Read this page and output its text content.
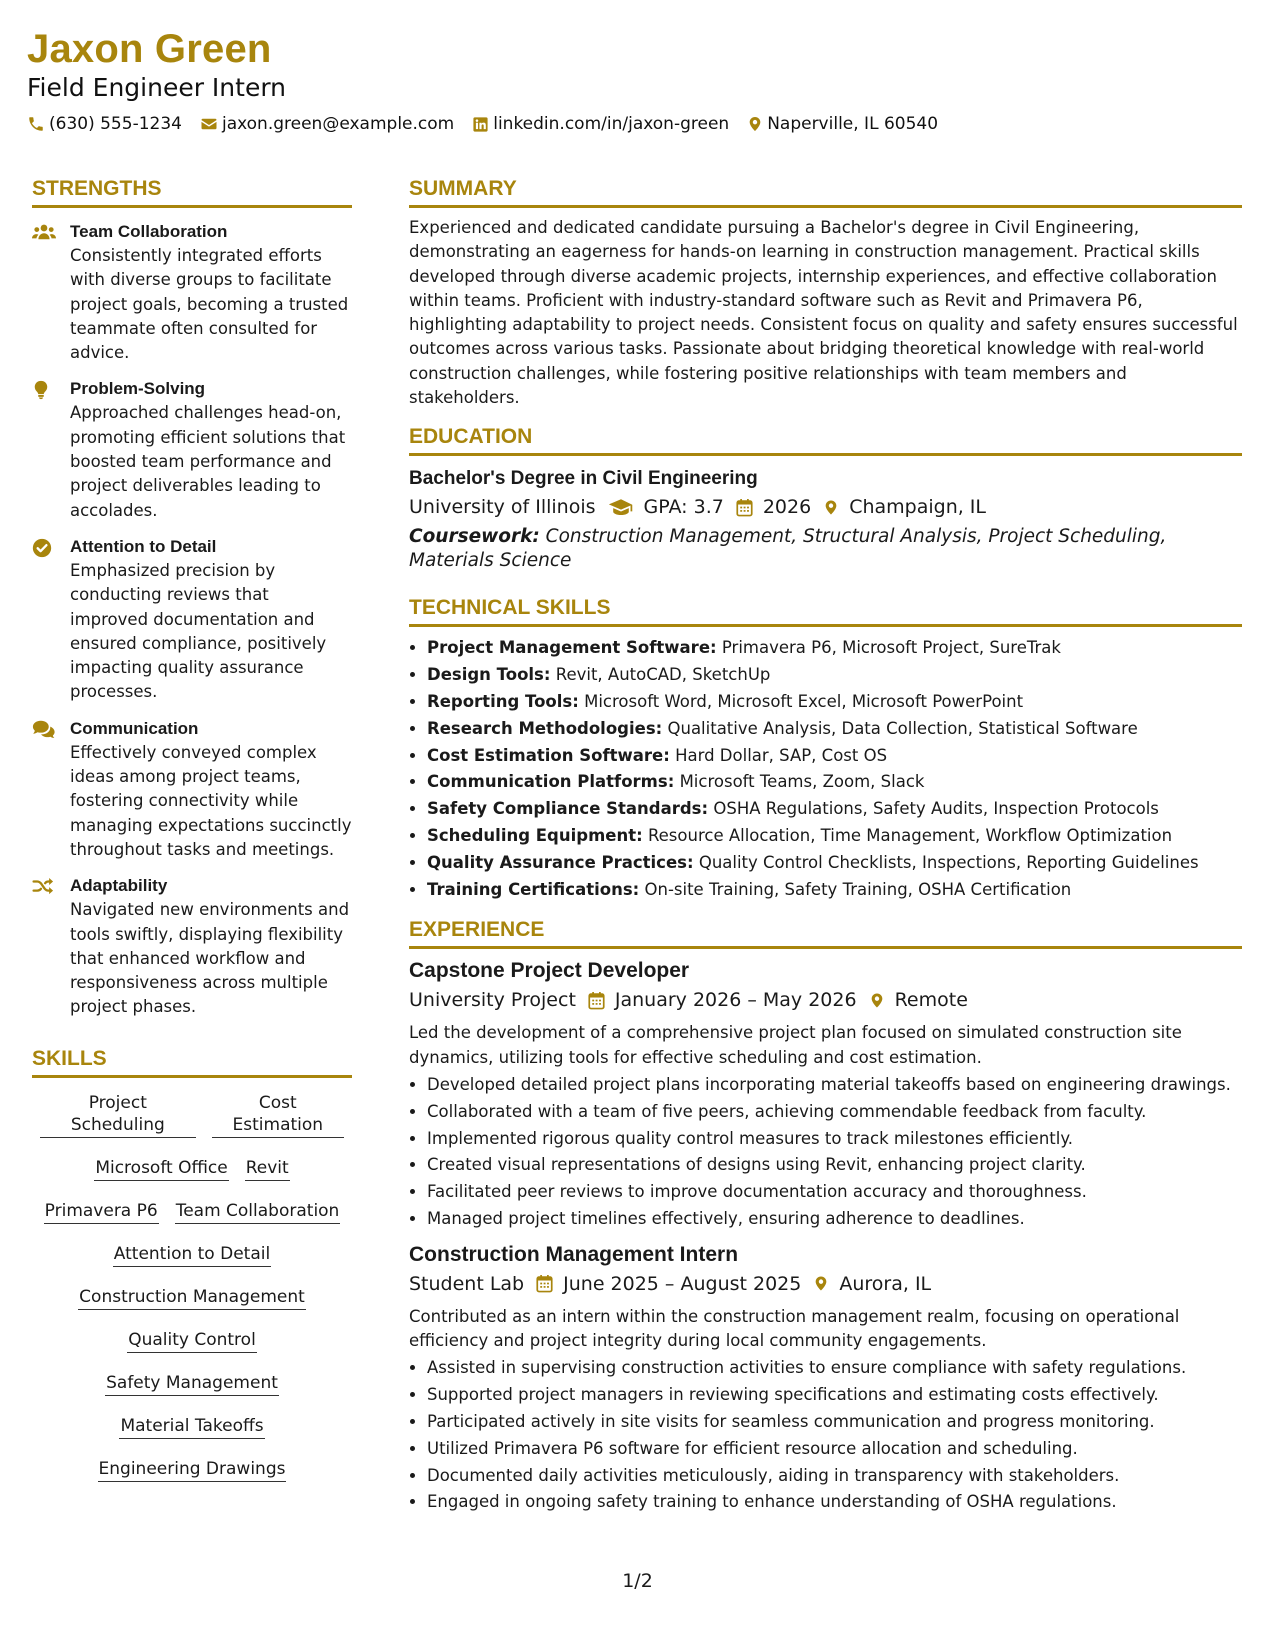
Jaxon Green
Field Engineer Intern
(630) 555-1234 jaxon.green@example.com linkedin.com/in/jaxon-green Naperville, IL 60540
STRENGTHS
Team Collaboration
Consistently integrated efforts with diverse groups to facilitate project goals, becoming a trusted teammate often consulted for advice.
Problem-Solving
Approached challenges head-on, promoting efficient solutions that boosted team performance and project deliverables leading to accolades.
Attention to Detail
Emphasized precision by conducting reviews that improved documentation and ensured compliance, positively impacting quality assurance processes.
Communication
Effectively conveyed complex ideas among project teams, fostering connectivity while managing expectations succinctly throughout tasks and meetings.
Adaptability
Navigated new environments and tools swiftly, displaying flexibility that enhanced workflow and responsiveness across multiple project phases.
SKILLS
Project Scheduling
Cost Estimation
Microsoft Office Revit
Primavera P6 Team Collaboration
Attention to Detail
Construction Management
Quality Control
Safety Management
Material Takeoffs
Engineering Drawings
SUMMARY
Experienced and dedicated candidate pursuing a Bachelor's degree in Civil Engineering, demonstrating an eagerness for hands-on learning in construction management. Practical skills developed through diverse academic projects, internship experiences, and effective collaboration within teams. Proficient with industry-standard software such as Revit and Primavera P6, highlighting adaptability to project needs. Consistent focus on quality and safety ensures successful outcomes across various tasks. Passionate about bridging theoretical knowledge with real-world construction challenges, while fostering positive relationships with team members and stakeholders.
EDUCATION
Bachelor's Degree in Civil Engineering
University of Illinois	GPA: 3.7 2026 Champaign, IL
Coursework: Construction Management, Structural Analysis, Project Scheduling, Materials Science
TECHNICAL SKILLS
• Project Management Software: Primavera P6, Microsoft Project, SureTrak
• Design Tools: Revit, AutoCAD, SketchUp
• Reporting Tools: Microsoft Word, Microsoft Excel, Microsoft PowerPoint
• Research Methodologies: Qualitative Analysis, Data Collection, Statistical Software
• Cost Estimation Software: Hard Dollar, SAP, Cost OS
• Communication Platforms: Microsoft Teams, Zoom, Slack
• Safety Compliance Standards: OSHA Regulations, Safety Audits, Inspection Protocols
• Scheduling Equipment: Resource Allocation, Time Management, Workflow Optimization
• Quality Assurance Practices: Quality Control Checklists, Inspections, Reporting Guidelines
• Training Certifications: On-site Training, Safety Training, OSHA Certification
EXPERIENCE
Capstone Project Developer
University Project January 2026 – May 2026 Remote
Led the development of a comprehensive project plan focused on simulated construction site dynamics, utilizing tools for effective scheduling and cost estimation.
• Developed detailed project plans incorporating material takeoffs based on engineering drawings.
• Collaborated with a team of five peers, achieving commendable feedback from faculty.
• Implemented rigorous quality control measures to track milestones efficiently.
• Created visual representations of designs using Revit, enhancing project clarity.
• Facilitated peer reviews to improve documentation accuracy and thoroughness.
• Managed project timelines effectively, ensuring adherence to deadlines.
Construction Management Intern
Student Lab June 2025 – August 2025 Aurora, IL
Contributed as an intern within the construction management realm, focusing on operational efficiency and project integrity during local community engagements.
• Assisted in supervising construction activities to ensure compliance with safety regulations.
• Supported project managers in reviewing specifications and estimating costs effectively.
• Participated actively in site visits for seamless communication and progress monitoring.
• Utilized Primavera P6 software for efficient resource allocation and scheduling.
• Documented daily activities meticulously, aiding in transparency with stakeholders.
• Engaged in ongoing safety training to enhance understanding of OSHA regulations.
1/2
